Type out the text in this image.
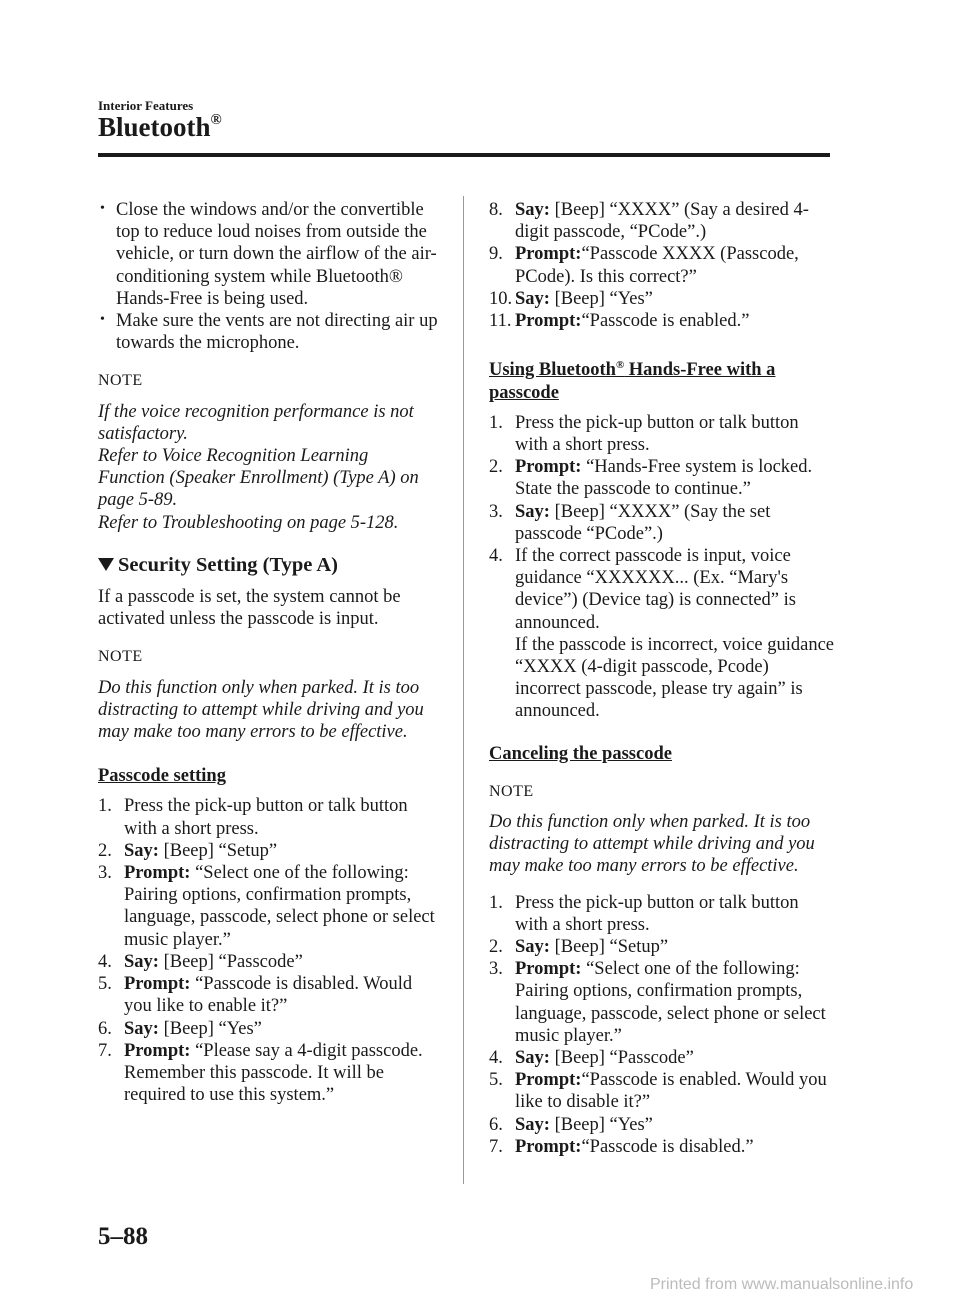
Interior Features
Bluetooth®

• Close the windows and/or the convertible top to reduce loud noises from outside the vehicle, or turn down the airflow of the air-conditioning system while Bluetooth® Hands-Free is being used.

• Make sure the vents are not directing air up towards the microphone.

NOTE

If the voice recognition performance is not satisfactory.

Refer to Voice Recognition Learning Function (Speaker Enrollment) (Type A) on page 5-89.

Refer to Troubleshooting on page 5-128.

Security Setting (Type A)

If a passcode is set, the system cannot be activated unless the passcode is input.

NOTE

Do this function only when parked. It is too distracting to attempt while driving and you may make too many errors to be effective.

Passcode setting
1. Press the pick-up button or talk button with a short press.
2. Say: [Beep] “Setup”
3. Prompt: “Select one of the following: Pairing options, confirmation prompts, language, passcode, select phone or select music player.”
4. Say: [Beep] “Passcode”
5. Prompt: “Passcode is disabled. Would you like to enable it?”
6. Say: [Beep] “Yes”
7. Prompt: “Please say a 4-digit passcode. Remember this passcode. It will be required to use this system.”
8. Say: [Beep] “XXXX” (Say a desired 4-digit passcode, “PCode”.)
9. Prompt:“Passcode XXXX (Passcode, PCode). Is this correct?”
10. Say: [Beep] “Yes”
11. Prompt:“Passcode is enabled.”
Using Bluetooth® Hands-Free with a passcode
1. Press the pick-up button or talk button with a short press.
2. Prompt: “Hands-Free system is locked. State the passcode to continue.”
3. Say: [Beep] “XXXX” (Say the set passcode “PCode”.)
4. If the correct passcode is input, voice guidance “XXXXXX... (Ex. “Mary's device”) (Device tag) is connected” is announced.
If the passcode is incorrect, voice guidance “XXXX (4-digit passcode, Pcode) incorrect passcode, please try again” is announced.
Canceling the passcode
NOTE

Do this function only when parked. It is too distracting to attempt while driving and you may make too many errors to be effective.

1. Press the pick-up button or talk button with a short press.
2. Say: [Beep] “Setup”
3. Prompt: “Select one of the following: Pairing options, confirmation prompts, language, passcode, select phone or select music player.”
4. Say: [Beep] “Passcode”
5. Prompt:“Passcode is enabled. Would you like to disable it?”
6. Say: [Beep] “Yes”
7. Prompt:“Passcode is disabled.”
5–88
Printed from www.manualsonline.info
